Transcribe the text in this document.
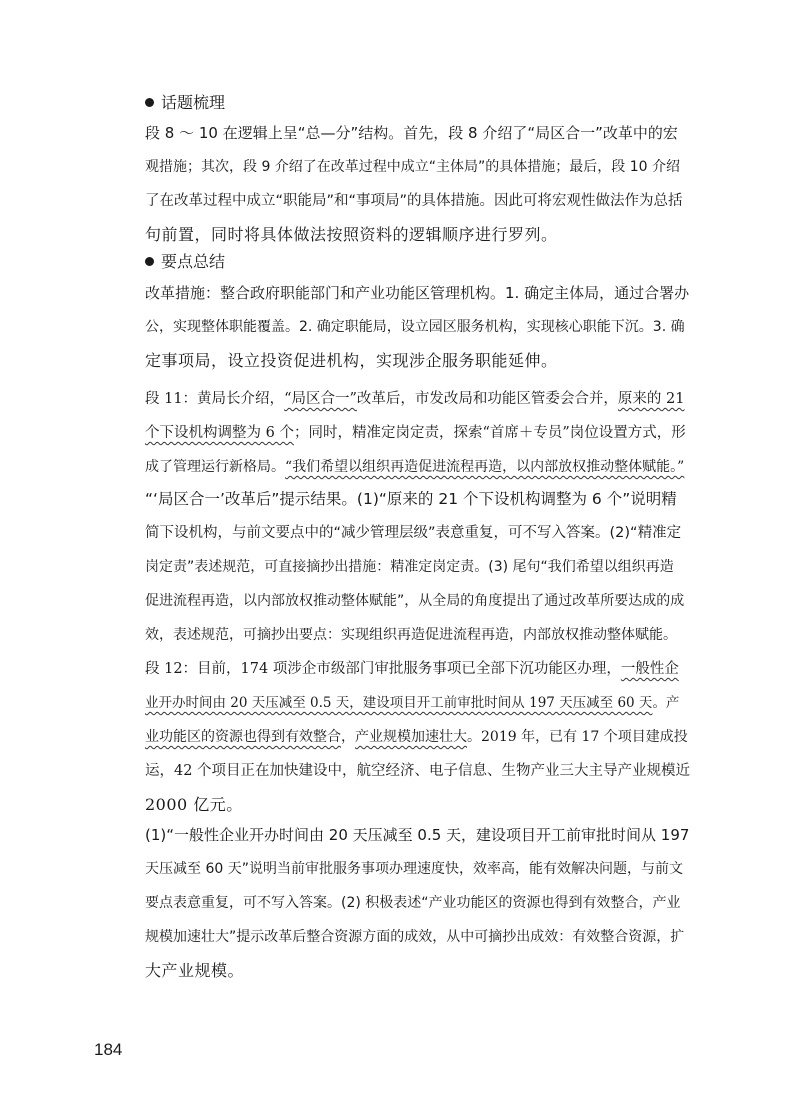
话题梳理
段 8 ～ 10 在逻辑上呈“总—分”结构。首先，段 8 介绍了“局区合一”改革中的宏
观措施；其次，段 9 介绍了在改革过程中成立“主体局”的具体措施；最后，段 10 介绍
了在改革过程中成立“职能局”和“事项局”的具体措施。因此可将宏观性做法作为总括
句前置，同时将具体做法按照资料的逻辑顺序进行罗列。
要点总结
改革措施：整合政府职能部门和产业功能区管理机构。1. 确定主体局，通过合署办
公，实现整体职能覆盖。2. 确定职能局，设立园区服务机构，实现核心职能下沉。3. 确
定事项局，设立投资促进机构，实现涉企服务职能延伸。
段 11：黄局长介绍，“局区合一”改革后，市发改局和功能区管委会合并，原来的 21
个下设机构调整为 6 个；同时，精准定岗定责，探索“首席＋专员”岗位设置方式，形
成了管理运行新格局。“我们希望以组织再造促进流程再造，以内部放权推动整体赋能。”
“‘局区合一’改革后”提示结果。(1)“原来的 21 个下设机构调整为 6 个”说明精
简下设机构，与前文要点中的“减少管理层级”表意重复，可不写入答案。(2)“精准定
岗定责”表述规范，可直接摘抄出措施：精准定岗定责。(3) 尾句“我们希望以组织再造
促进流程再造，以内部放权推动整体赋能”，从全局的角度提出了通过改革所要达成的成
效，表述规范，可摘抄出要点：实现组织再造促进流程再造，内部放权推动整体赋能。
段 12：目前，174 项涉企市级部门审批服务事项已全部下沉功能区办理，一般性企
业开办时间由 20 天压减至 0.5 天，建设项目开工前审批时间从 197 天压减至 60 天。产
业功能区的资源也得到有效整合，产业规模加速壮大。2019 年，已有 17 个项目建成投
运，42 个项目正在加快建设中，航空经济、电子信息、生物产业三大主导产业规模近
2000 亿元。
(1)“一般性企业开办时间由 20 天压减至 0.5 天，建设项目开工前审批时间从 197
天压减至 60 天”说明当前审批服务事项办理速度快，效率高，能有效解决问题，与前文
要点表意重复，可不写入答案。(2) 积极表述“产业功能区的资源也得到有效整合，产业
规模加速壮大”提示改革后整合资源方面的成效，从中可摘抄出成效：有效整合资源，扩
大产业规模。
184
